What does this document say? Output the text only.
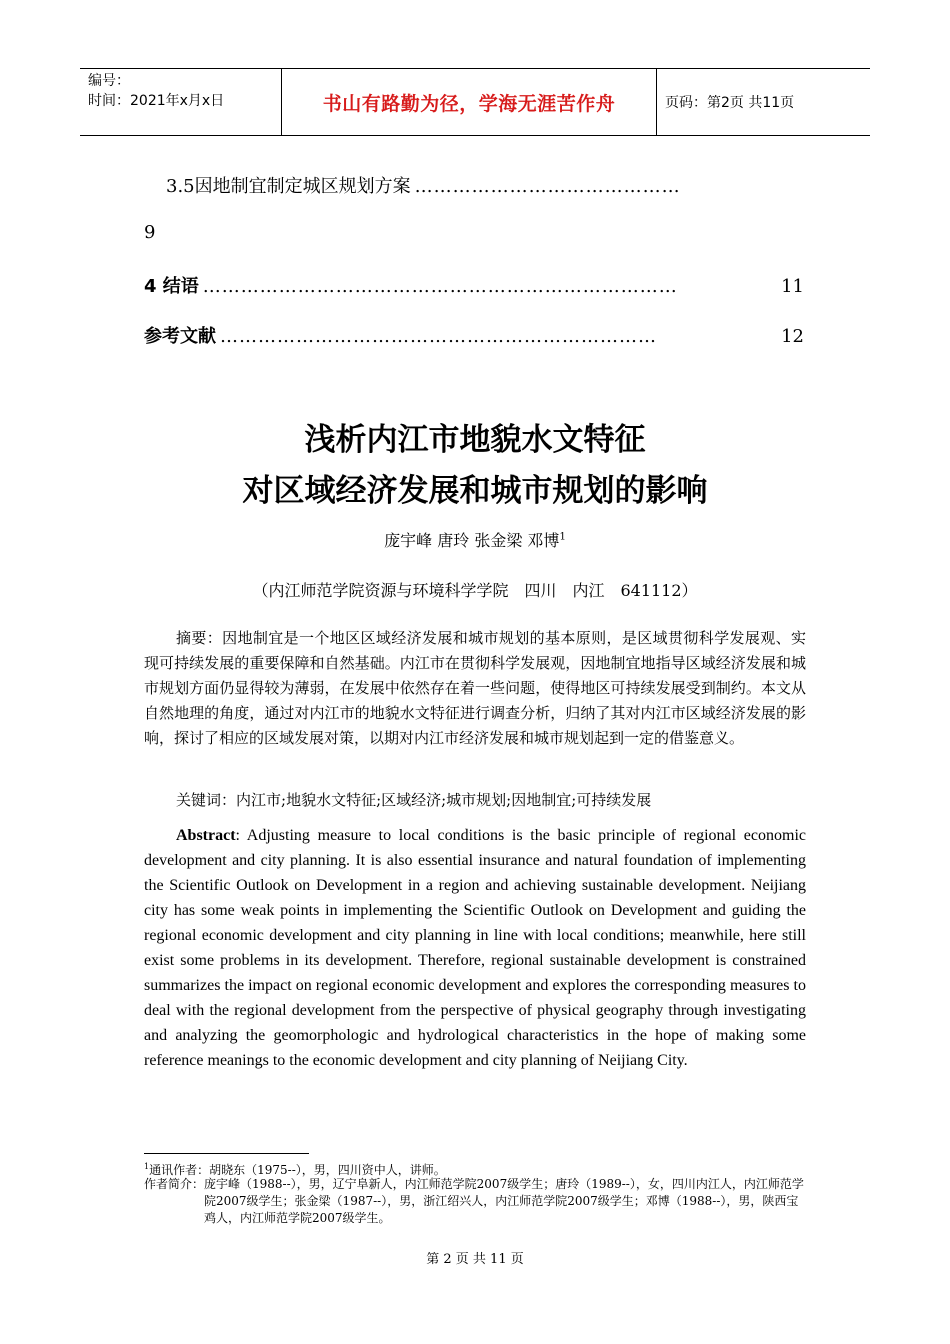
编号：
时间：2021年x月x日	书山有路勤为径，学海无涯苦作舟	页码：第2页 共11页
3.5因地制宜制定城区规划方案 ……………………………………
9
4 结语 …………………………………………………………………	11
参考文献 ……………………………………………………………	12
浅析内江市地貌水文特征
对区域经济发展和城市规划的影响
庞宇峰 唐玲 张金梁 邓博$^1$
（内江师范学院资源与环境科学学院　四川　内江　641112）
摘要：因地制宜是一个地区区域经济发展和城市规划的基本原则，是区域贯彻科学发展观、实现可持续发展的重要保障和自然基础。内江市在贯彻科学发展观，因地制宜地指导区域经济发展和城市规划方面仍显得较为薄弱，在发展中依然存在着一些问题，使得地区可持续发展受到制约。本文从自然地理的角度，通过对内江市的地貌水文特征进行调查分析，归纳了其对内江市区域经济发展的影响，探讨了相应的区域发展对策，以期对内江市经济发展和城市规划起到一定的借鉴意义。
关键词：内江市;地貌水文特征;区域经济;城市规划;因地制宜;可持续发展
Abstract: Adjusting measure to local conditions is the basic principle of regional economic development and city planning. It is also essential insurance and natural foundation of implementing the Scientific Outlook on Development in a region and achieving sustainable development. Neijiang city has some weak points in implementing the Scientific Outlook on Development and guiding the regional economic development and city planning in line with local conditions; meanwhile, here still exist some problems in its development. Therefore, regional sustainable development is constrained summarizes the impact on regional economic development and explores the corresponding measures to deal with the regional development from the perspective of physical geography through investigating and analyzing the geomorphologic and hydrological characteristics in the hope of making some reference meanings to the economic development and city planning of Neijiang City.
$^1$通讯作者：胡晓东（1975--），男，四川资中人，讲师。
作者简介： 庞宇峰（1988--），男，辽宁阜新人，内江师范学院2007级学生；唐玲（1989--），女，四川内江人，内江师范学院2007级学生；张金梁（1987--），男，浙江绍兴人，内江师范学院2007级学生；邓博（1988--），男，陕西宝鸡人，内江师范学院2007级学生。
第 2 页 共 11 页
